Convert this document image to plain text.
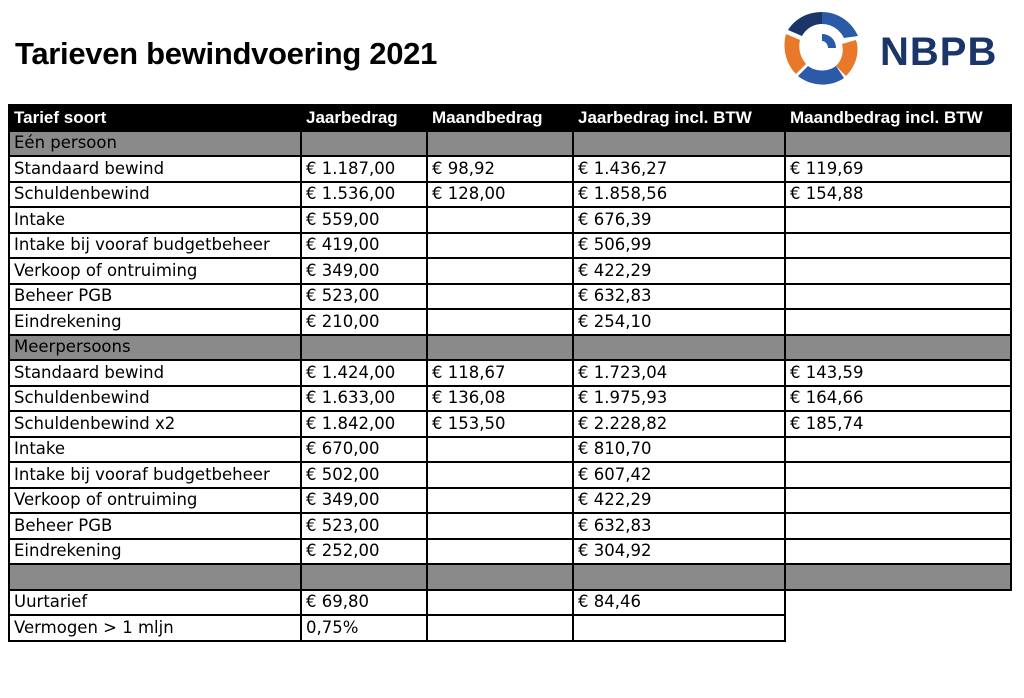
Tarieven bewindvoering 2021	NBPB
Tarief soort	Jaarbedrag	Maandbedrag	Jaarbedrag incl. BTW	Maandbedrag incl. BTW
Eén persoon				
Standaard bewind	€ 1.187,00	€ 98,92	€ 1.436,27	€ 119,69
Schuldenbewind	€ 1.536,00	€ 128,00	€ 1.858,56	€ 154,88
Intake	€ 559,00		€ 676,39	
Intake bij vooraf budgetbeheer	€ 419,00		€ 506,99	
Verkoop of ontruiming	€ 349,00		€ 422,29	
Beheer PGB	€ 523,00		€ 632,83	
Eindrekening	€ 210,00		€ 254,10	
Meerpersoons				
Standaard bewind	€ 1.424,00	€ 118,67	€ 1.723,04	€ 143,59
Schuldenbewind	€ 1.633,00	€ 136,08	€ 1.975,93	€ 164,66
Schuldenbewind x2	€ 1.842,00	€ 153,50	€ 2.228,82	€ 185,74
Intake	€ 670,00		€ 810,70	
Intake bij vooraf budgetbeheer	€ 502,00		€ 607,42	
Verkoop of ontruiming	€ 349,00		€ 422,29	
Beheer PGB	€ 523,00		€ 632,83	
Eindrekening	€ 252,00		€ 304,92	

Uurtarief	€ 69,80		€ 84,46	
Vermogen > 1 mljn	0,75%			
